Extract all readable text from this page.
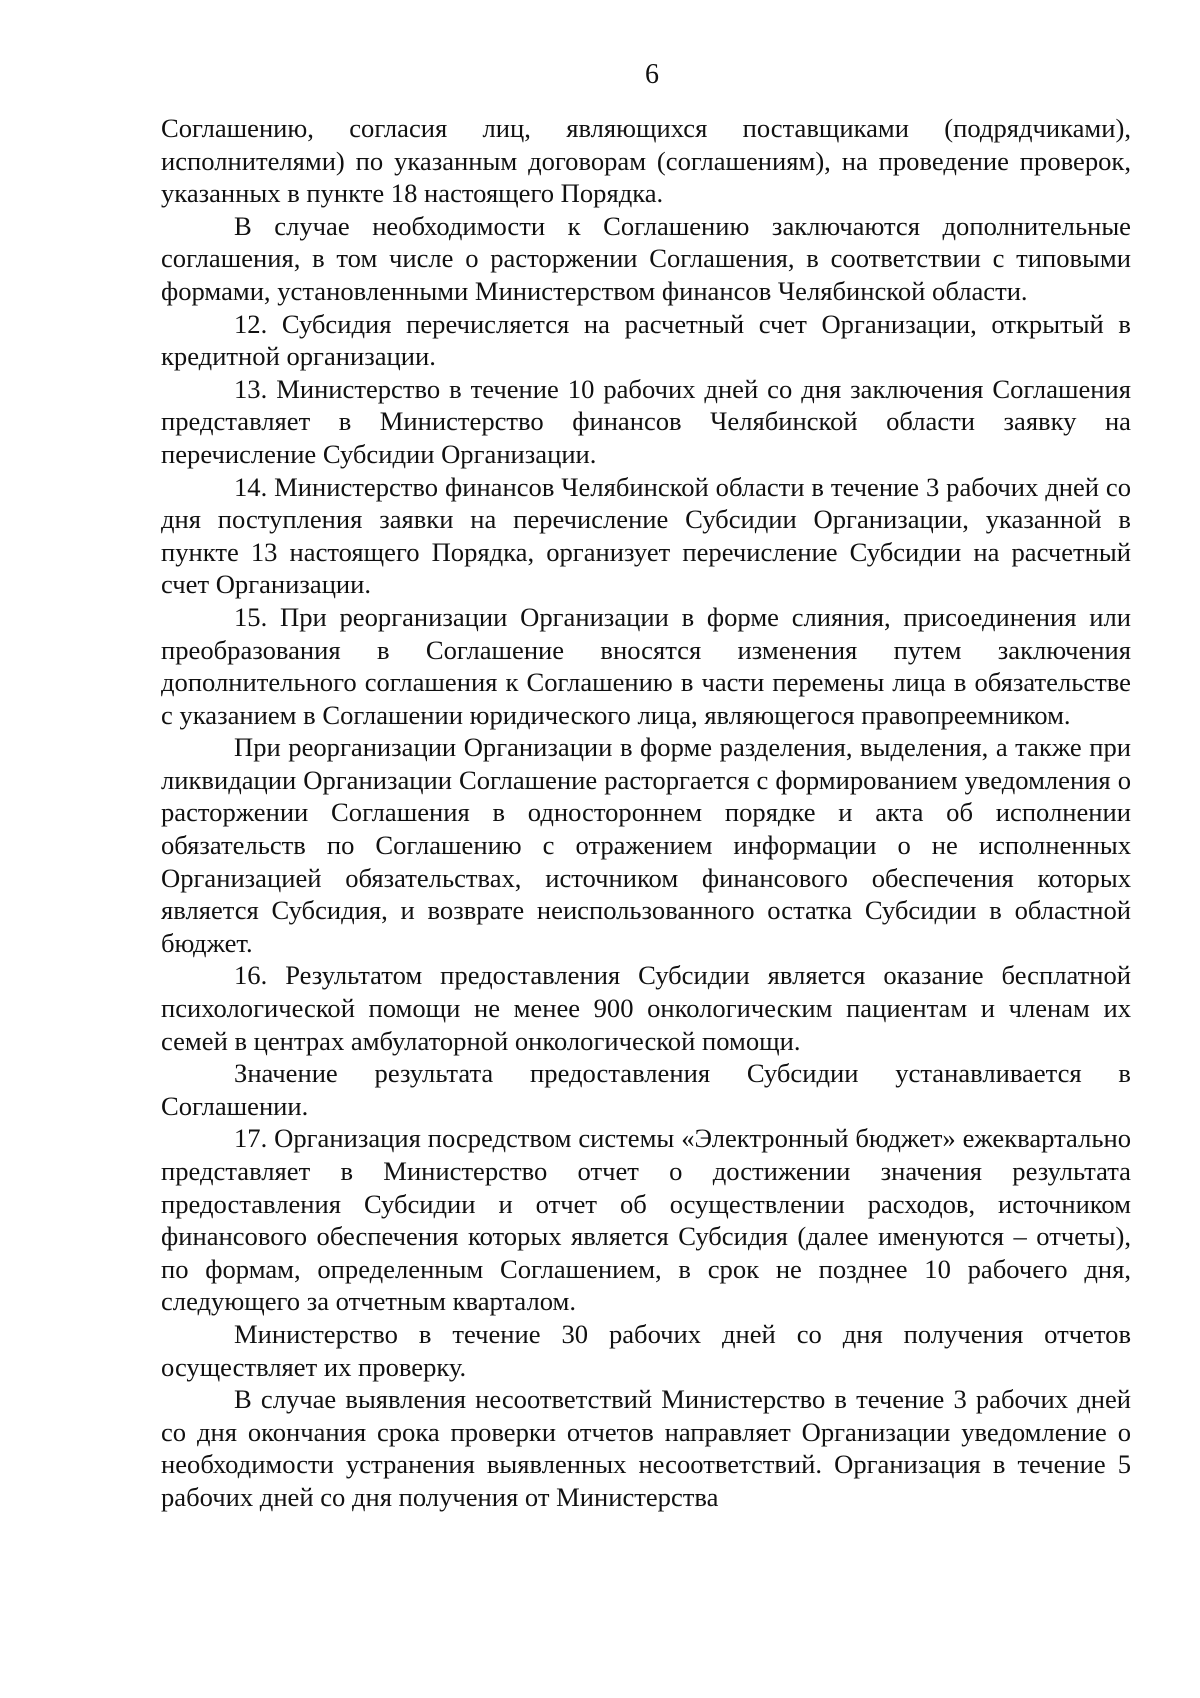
6

Соглашению, согласия лиц, являющихся поставщиками (подрядчиками), исполнителями) по указанным договорам (соглашениям), на проведение проверок, указанных в пункте 18 настоящего Порядка.

В случае необходимости к Соглашению заключаются дополнительные соглашения, в том числе о расторжении Соглашения, в соответствии с типовыми формами, установленными Министерством финансов Челябинской области.

12. Субсидия перечисляется на расчетный счет Организации, открытый в кредитной организации.

13. Министерство в течение 10 рабочих дней со дня заключения Соглашения представляет в Министерство финансов Челябинской области заявку на перечисление Субсидии Организации.

14. Министерство финансов Челябинской области в течение 3 рабочих дней со дня поступления заявки на перечисление Субсидии Организации, указанной в пункте 13 настоящего Порядка, организует перечисление Субсидии на расчетный счет Организации.

15. При реорганизации Организации в форме слияния, присоединения или преобразования в Соглашение вносятся изменения путем заключения дополнительного соглашения к Соглашению в части перемены лица в обязательстве с указанием в Соглашении юридического лица, являющегося правопреемником.

При реорганизации Организации в форме разделения, выделения, а также при ликвидации Организации Соглашение расторгается с формированием уведомления о расторжении Соглашения в одностороннем порядке и акта об исполнении обязательств по Соглашению с отражением информации о не исполненных Организацией обязательствах, источником финансового обеспечения которых является Субсидия, и возврате неиспользованного остатка Субсидии в областной бюджет.

16. Результатом предоставления Субсидии является оказание бесплатной психологической помощи не менее 900 онкологическим пациентам и членам их семей в центрах амбулаторной онкологической помощи.

Значение результата предоставления Субсидии устанавливается в Соглашении.

17. Организация посредством системы «Электронный бюджет» ежеквартально представляет в Министерство отчет о достижении значения результата предоставления Субсидии и отчет об осуществлении расходов, источником финансового обеспечения которых является Субсидия (далее именуются – отчеты), по формам, определенным Соглашением, в срок не позднее 10 рабочего дня, следующего за отчетным кварталом.

Министерство в течение 30 рабочих дней со дня получения отчетов осуществляет их проверку.

В случае выявления несоответствий Министерство в течение 3 рабочих дней со дня окончания срока проверки отчетов направляет Организации уведомление о необходимости устранения выявленных несоответствий. Организация в течение 5 рабочих дней со дня получения от Министерства
